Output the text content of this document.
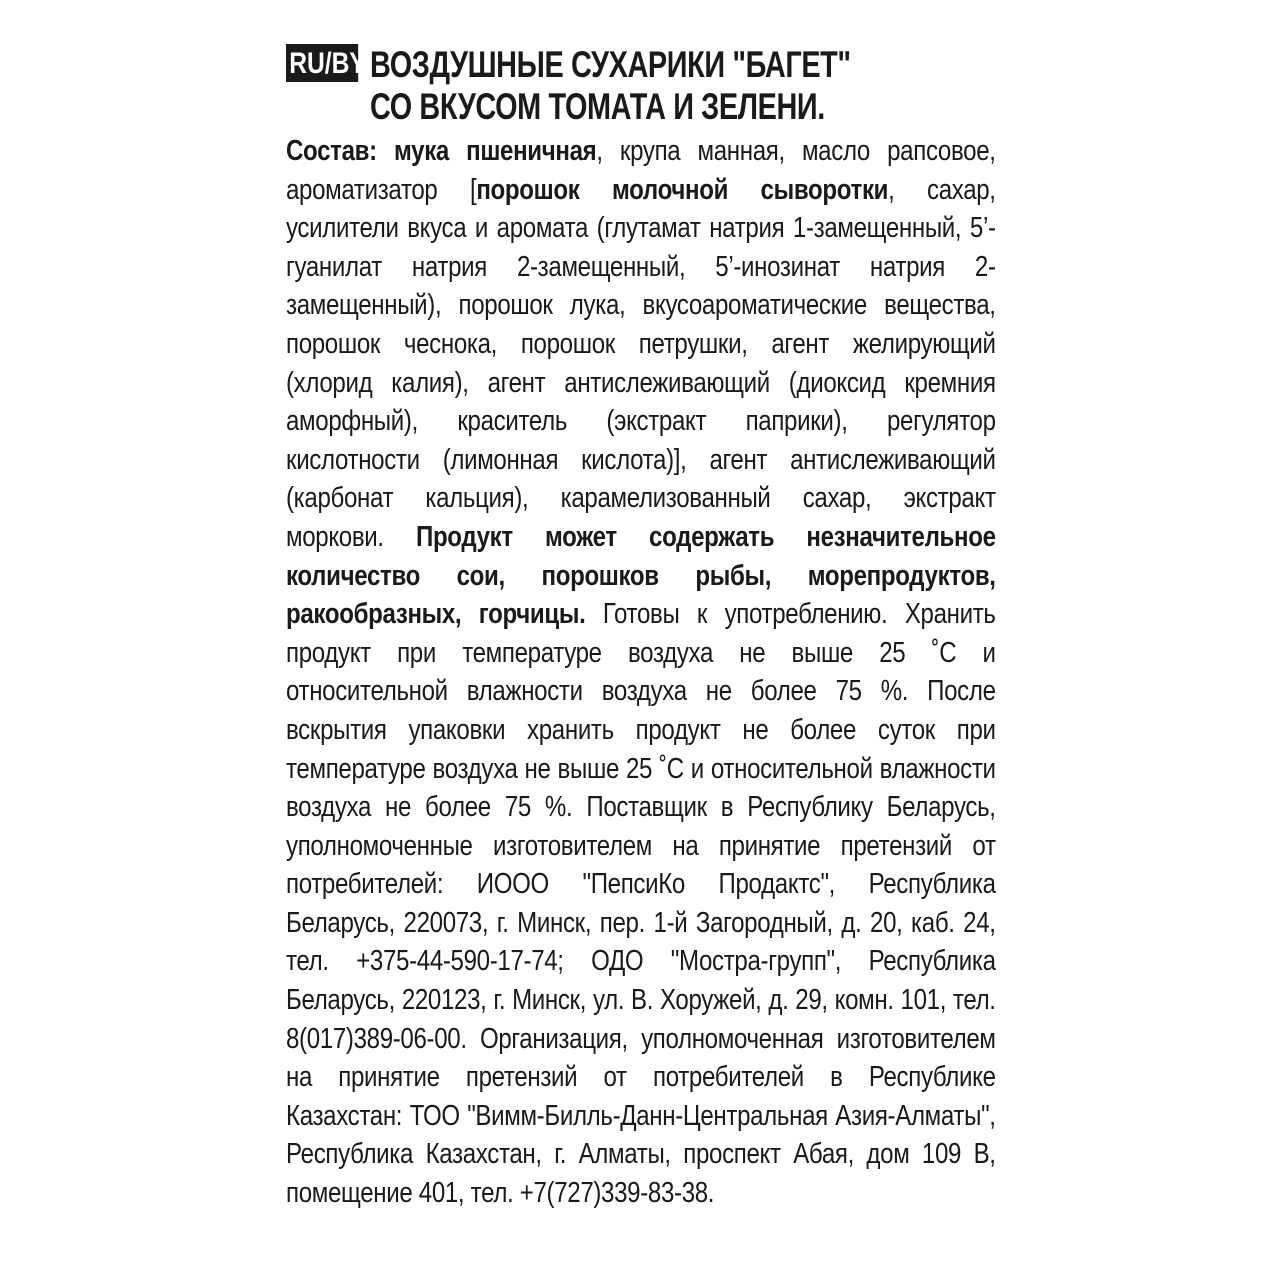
RU/BY ВОЗДУШНЫЕ СУХАРИКИ "БАГЕТ"
СО ВКУСОМ ТОМАТА И ЗЕЛЕНИ.
Состав: мука пшеничная, крупа манная, масло рапсовое, ароматизатор [порошок молочной сыворотки, сахар, усилители вкуса и аромата (глутамат натрия 1-замещенный, 5’-гуанилат натрия 2-замещенный, 5’-инозинат натрия 2-замещенный), порошок лука, вкусоароматические вещества, порошок чеснока, порошок петрушки, агент желирующий (хлорид калия), агент антислеживающий (диоксид кремния аморфный), краситель (экстракт паприки), регулятор кислотности (лимонная кислота)], агент антислеживающий (карбонат кальция), карамелизованный сахар, экстракт моркови. Продукт может содержать незначительное количество сои, порошков рыбы, морепродуктов, ракообразных, горчицы. Готовы к употреблению. Хранить продукт при температуре воздуха не выше 25 ˚С и относительной влажности воздуха не более 75 %. После вскрытия упаковки хранить продукт не более суток при температуре воздуха не выше 25 ˚С и относительной влажности воздуха не более 75 %. Поставщик в Республику Беларусь, уполномоченные изготовителем на принятие претензий от потребителей: ИООО "ПепсиКо Продактс", Республика Беларусь, 220073, г. Минск, пер. 1-й Загородный, д. 20, каб. 24, тел. +375-44-590-17-74; ОДО "Мостра-групп", Республика Беларусь, 220123, г. Минск, ул. В. Хоружей, д. 29, комн. 101, тел. 8(017)389-06-00. Организация, уполномоченная изготовителем на принятие претензий от потребителей в Республике Казахстан: ТОО "Вимм-Билль-Данн-Центральная Азия-Алматы", Республика Казахстан, г. Алматы, проспект Абая, дом 109 В, помещение 401, тел. +7(727)339-83-38.
